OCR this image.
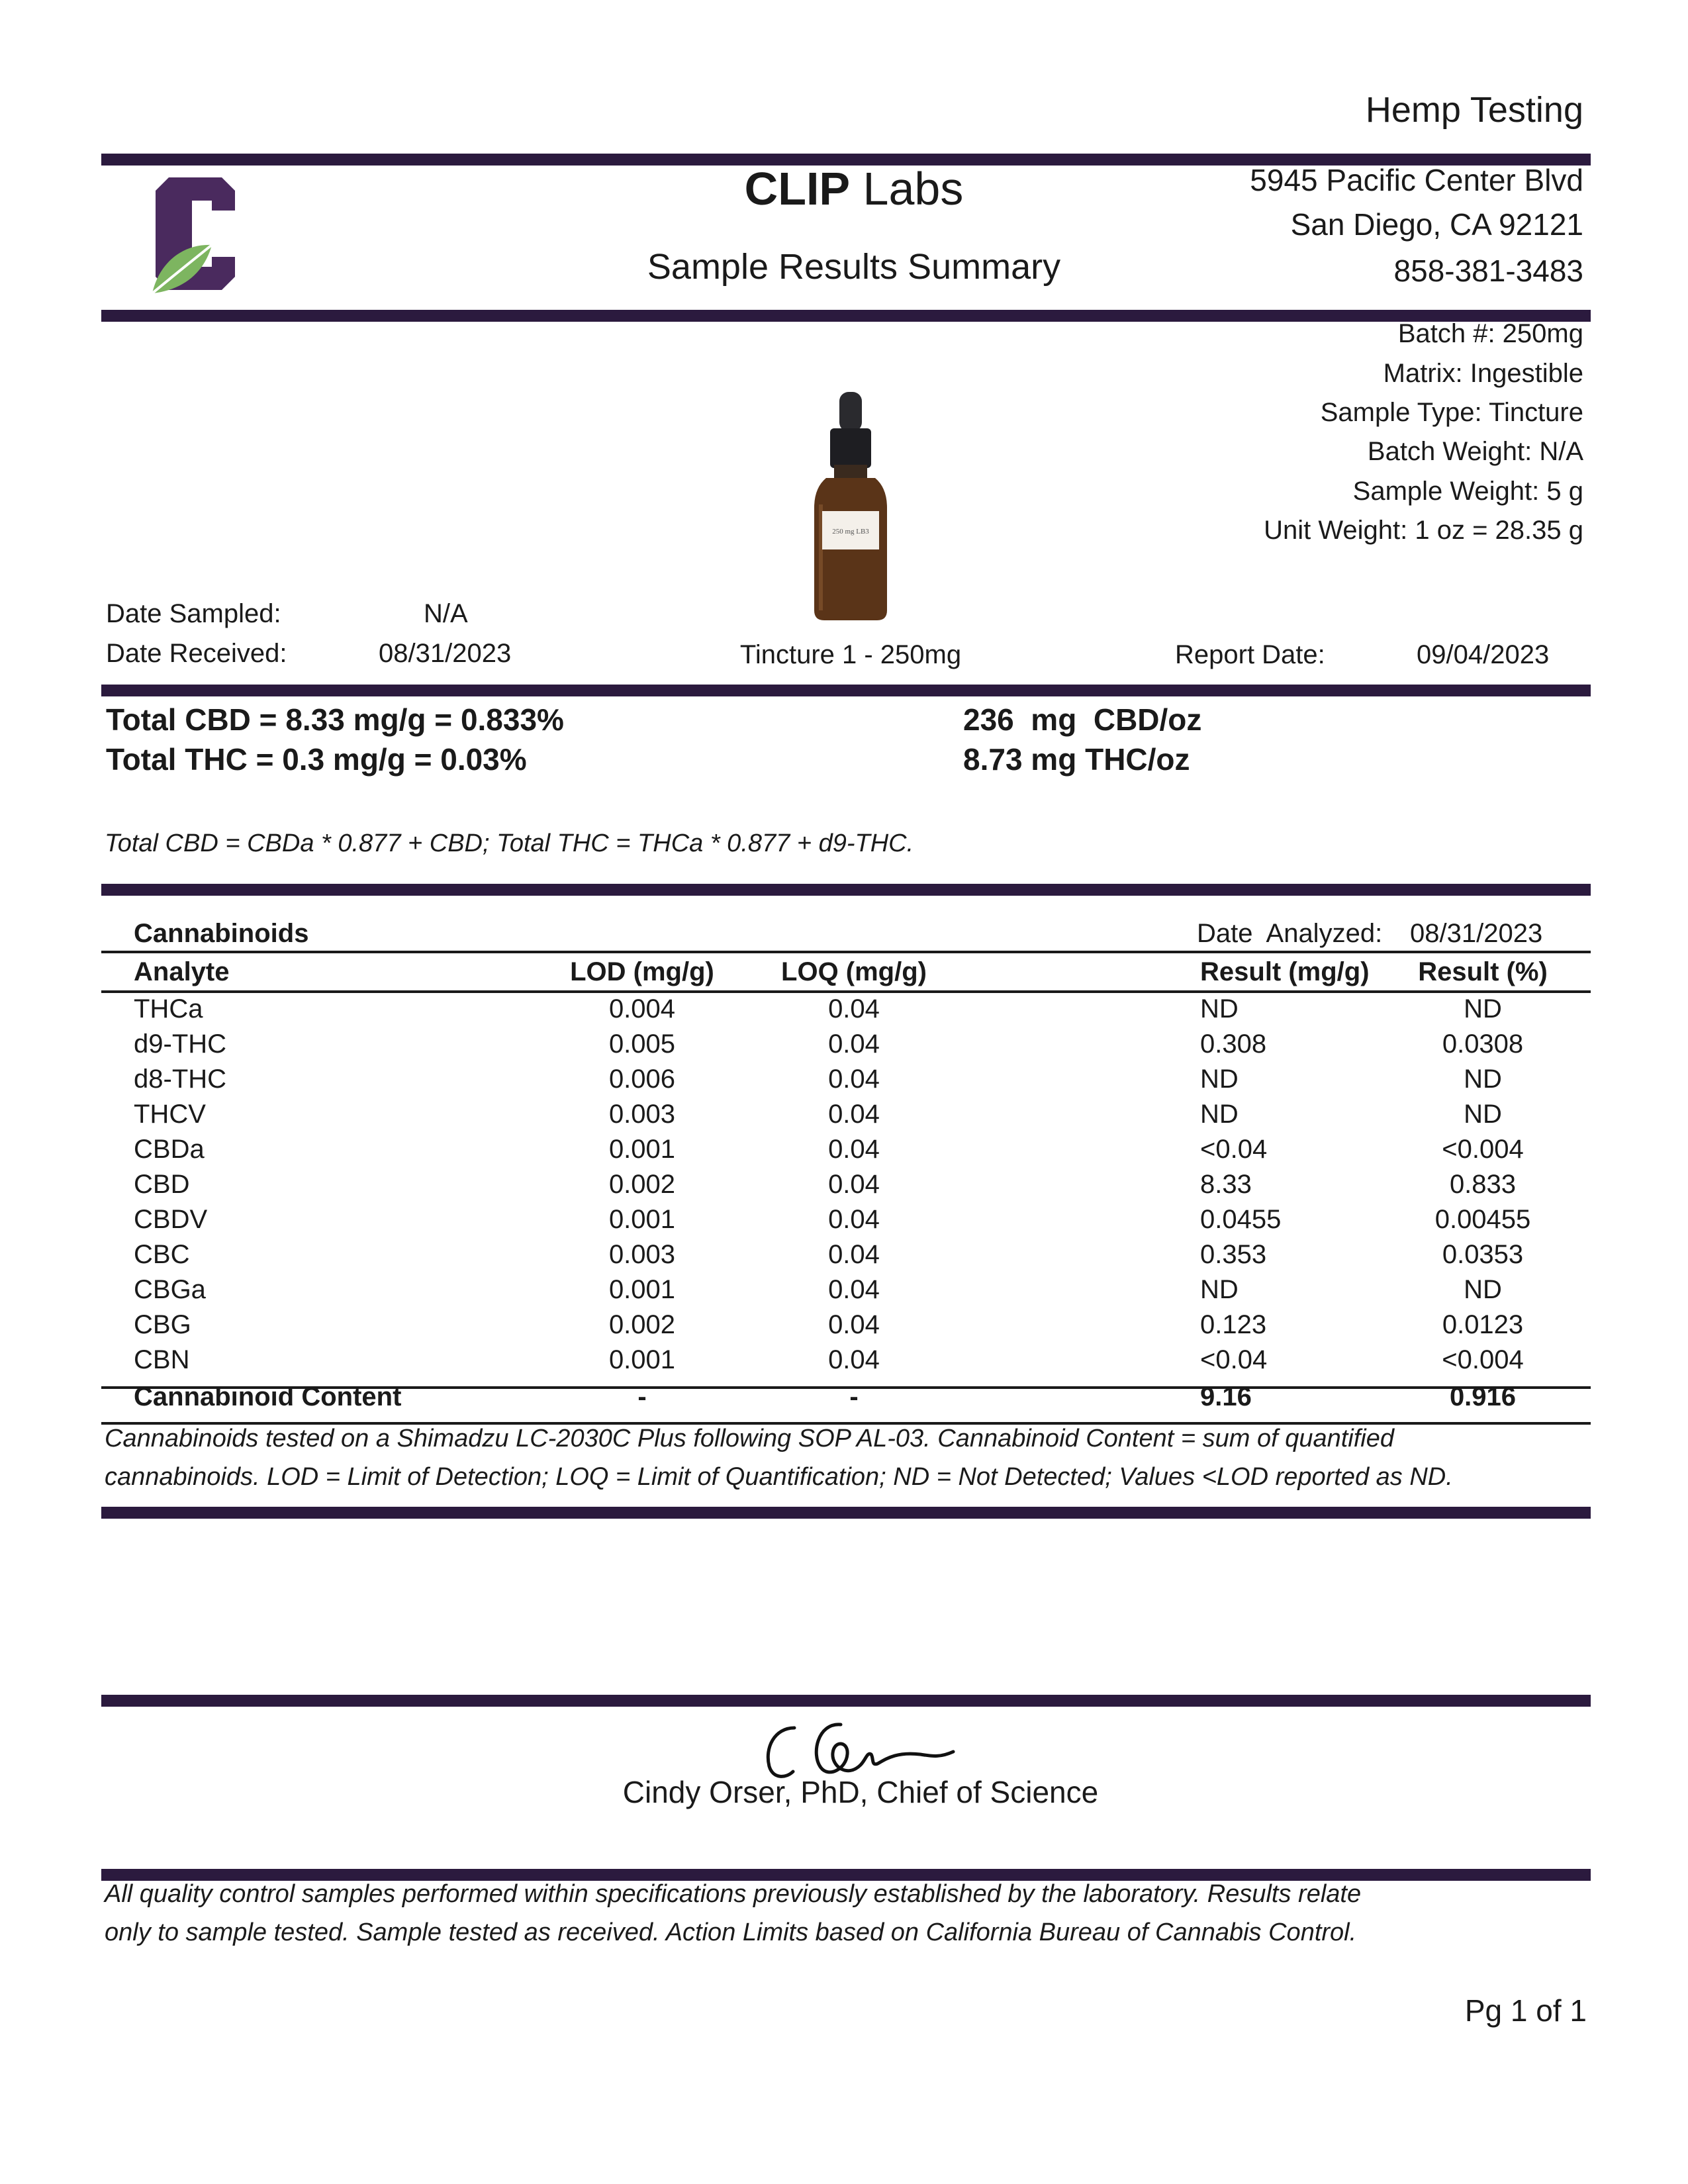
Hemp Testing
CLIP Labs
Sample Results Summary
5945 Pacific Center Blvd
San Diego, CA 92121
858-381-3483
Batch #: 250mg
Matrix: Ingestible
Sample Type: Tincture
Batch Weight: N/A
Sample Weight: 5 g
Unit Weight: 1 oz = 28.35 g
250 mg LB3
Date Sampled:	N/A
Date Received:	08/31/2023	Tincture 1 - 250mg	Report Date:	09/04/2023
Total CBD = 8.33 mg/g = 0.833%
Total THC = 0.3 mg/g = 0.03%
236  mg  CBD/oz
8.73 mg THC/oz
Total CBD = CBDa * 0.877 + CBD; Total THC = THCa * 0.877 + d9-THC.
Cannabinoids	Date  Analyzed: 08/31/2023
Analyte	LOD (mg/g)	LOQ (mg/g)	Result (mg/g)	Result (%)
THCa	0.004	0.04	ND	ND
d9-THC	0.005	0.04	0.308	0.0308
d8-THC	0.006	0.04	ND	ND
THCV	0.003	0.04	ND	ND
CBDa	0.001	0.04	<0.04	<0.004
CBD	0.002	0.04	8.33	0.833
CBDV	0.001	0.04	0.0455	0.00455
CBC	0.003	0.04	0.353	0.0353
CBGa	0.001	0.04	ND	ND
CBG	0.002	0.04	0.123	0.0123
CBN	0.001	0.04	<0.04	<0.004
Cannabinoid Content	-	-	9.16	0.916
Cannabinoids tested on a Shimadzu LC-2030C Plus following SOP AL-03. Cannabinoid Content = sum of quantified
cannabinoids. LOD = Limit of Detection; LOQ = Limit of Quantification; ND = Not Detected; Values <LOD reported as ND.
Cindy Orser, PhD, Chief of Science
All quality control samples performed within specifications previously established by the laboratory. Results relate
only to sample tested. Sample tested as received. Action Limits based on California Bureau of Cannabis Control.
Pg 1 of 1
